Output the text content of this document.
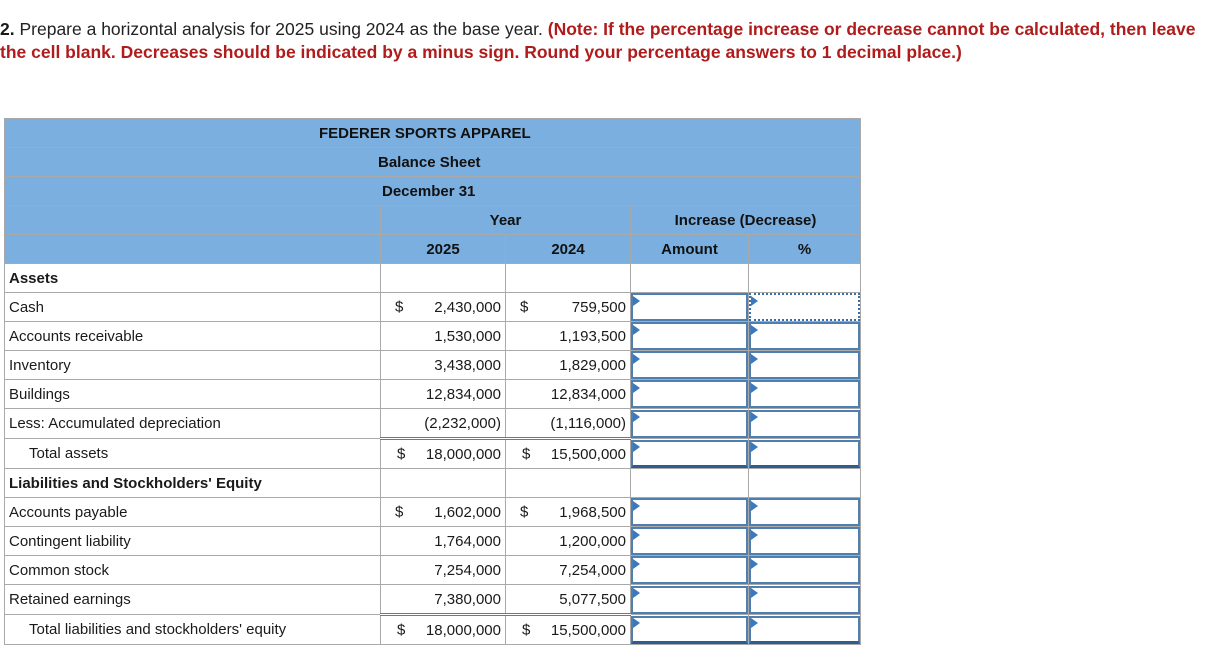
2. Prepare a horizontal analysis for 2025 using 2024 as the base year. (Note: If the percentage increase or decrease cannot be calculated, then leave the cell blank. Decreases should be indicated by a minus sign. Round your percentage answers to 1 decimal place.)
FEDERER SPORTS APPAREL				
Balance Sheet				
December 31				
	Year		Increase (Decrease)	
	2025	2024	Amount	%
Assets				
Cash	$ 2,430,000	$ 759,500	

Accounts receivable	1,530,000	1,193,500	

Inventory	3,438,000	1,829,000	

Buildings	12,834,000	12,834,000	

Less: Accumulated depreciation	(2,232,000)	(1,116,000)	

Total assets	$ 18,000,000	$ 15,500,000	

Liabilities and Stockholders' Equity				
Accounts payable	$ 1,602,000	$ 1,968,500	

Contingent liability	1,764,000	1,200,000	

Common stock	7,254,000	7,254,000	

Retained earnings	7,380,000	5,077,500	

Total liabilities and stockholders' equity	$ 18,000,000	$ 15,500,000	
